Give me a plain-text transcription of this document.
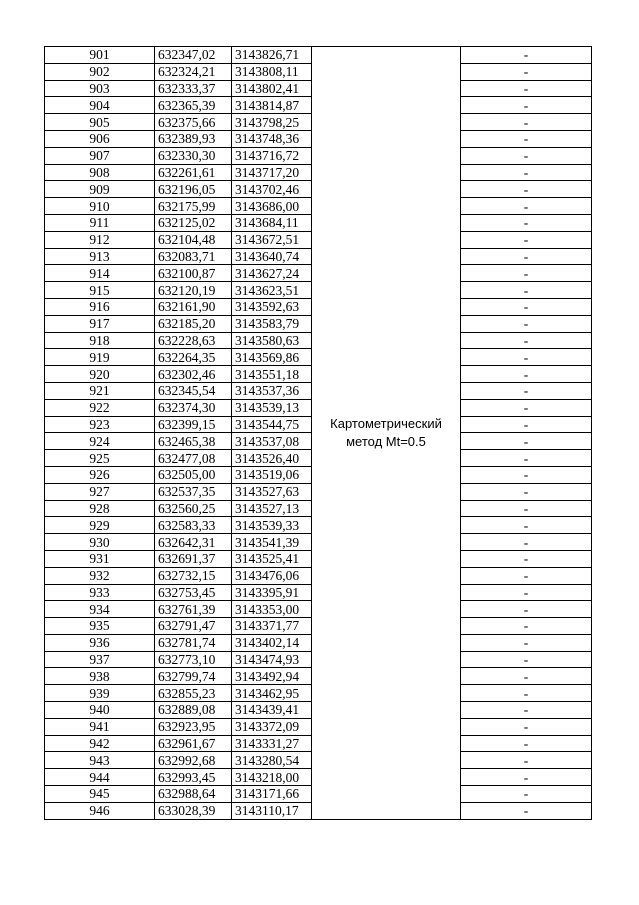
901	632347,02	3143826,71	Картометрический
метод Mt=0.5	-
902	632324,21	3143808,11		-
903	632333,37	3143802,41		-
904	632365,39	3143814,87		-
905	632375,66	3143798,25		-
906	632389,93	3143748,36		-
907	632330,30	3143716,72		-
908	632261,61	3143717,20		-
909	632196,05	3143702,46		-
910	632175,99	3143686,00		-
911	632125,02	3143684,11		-
912	632104,48	3143672,51		-
913	632083,71	3143640,74		-
914	632100,87	3143627,24		-
915	632120,19	3143623,51		-
916	632161,90	3143592,63		-
917	632185,20	3143583,79		-
918	632228,63	3143580,63		-
919	632264,35	3143569,86		-
920	632302,46	3143551,18		-
921	632345,54	3143537,36		-
922	632374,30	3143539,13		-
923	632399,15	3143544,75		-
924	632465,38	3143537,08		-
925	632477,08	3143526,40		-
926	632505,00	3143519,06		-
927	632537,35	3143527,63		-
928	632560,25	3143527,13		-
929	632583,33	3143539,33		-
930	632642,31	3143541,39		-
931	632691,37	3143525,41		-
932	632732,15	3143476,06		-
933	632753,45	3143395,91		-
934	632761,39	3143353,00		-
935	632791,47	3143371,77		-
936	632781,74	3143402,14		-
937	632773,10	3143474,93		-
938	632799,74	3143492,94		-
939	632855,23	3143462,95		-
940	632889,08	3143439,41		-
941	632923,95	3143372,09		-
942	632961,67	3143331,27		-
943	632992,68	3143280,54		-
944	632993,45	3143218,00		-
945	632988,64	3143171,66		-
946	633028,39	3143110,17		-
